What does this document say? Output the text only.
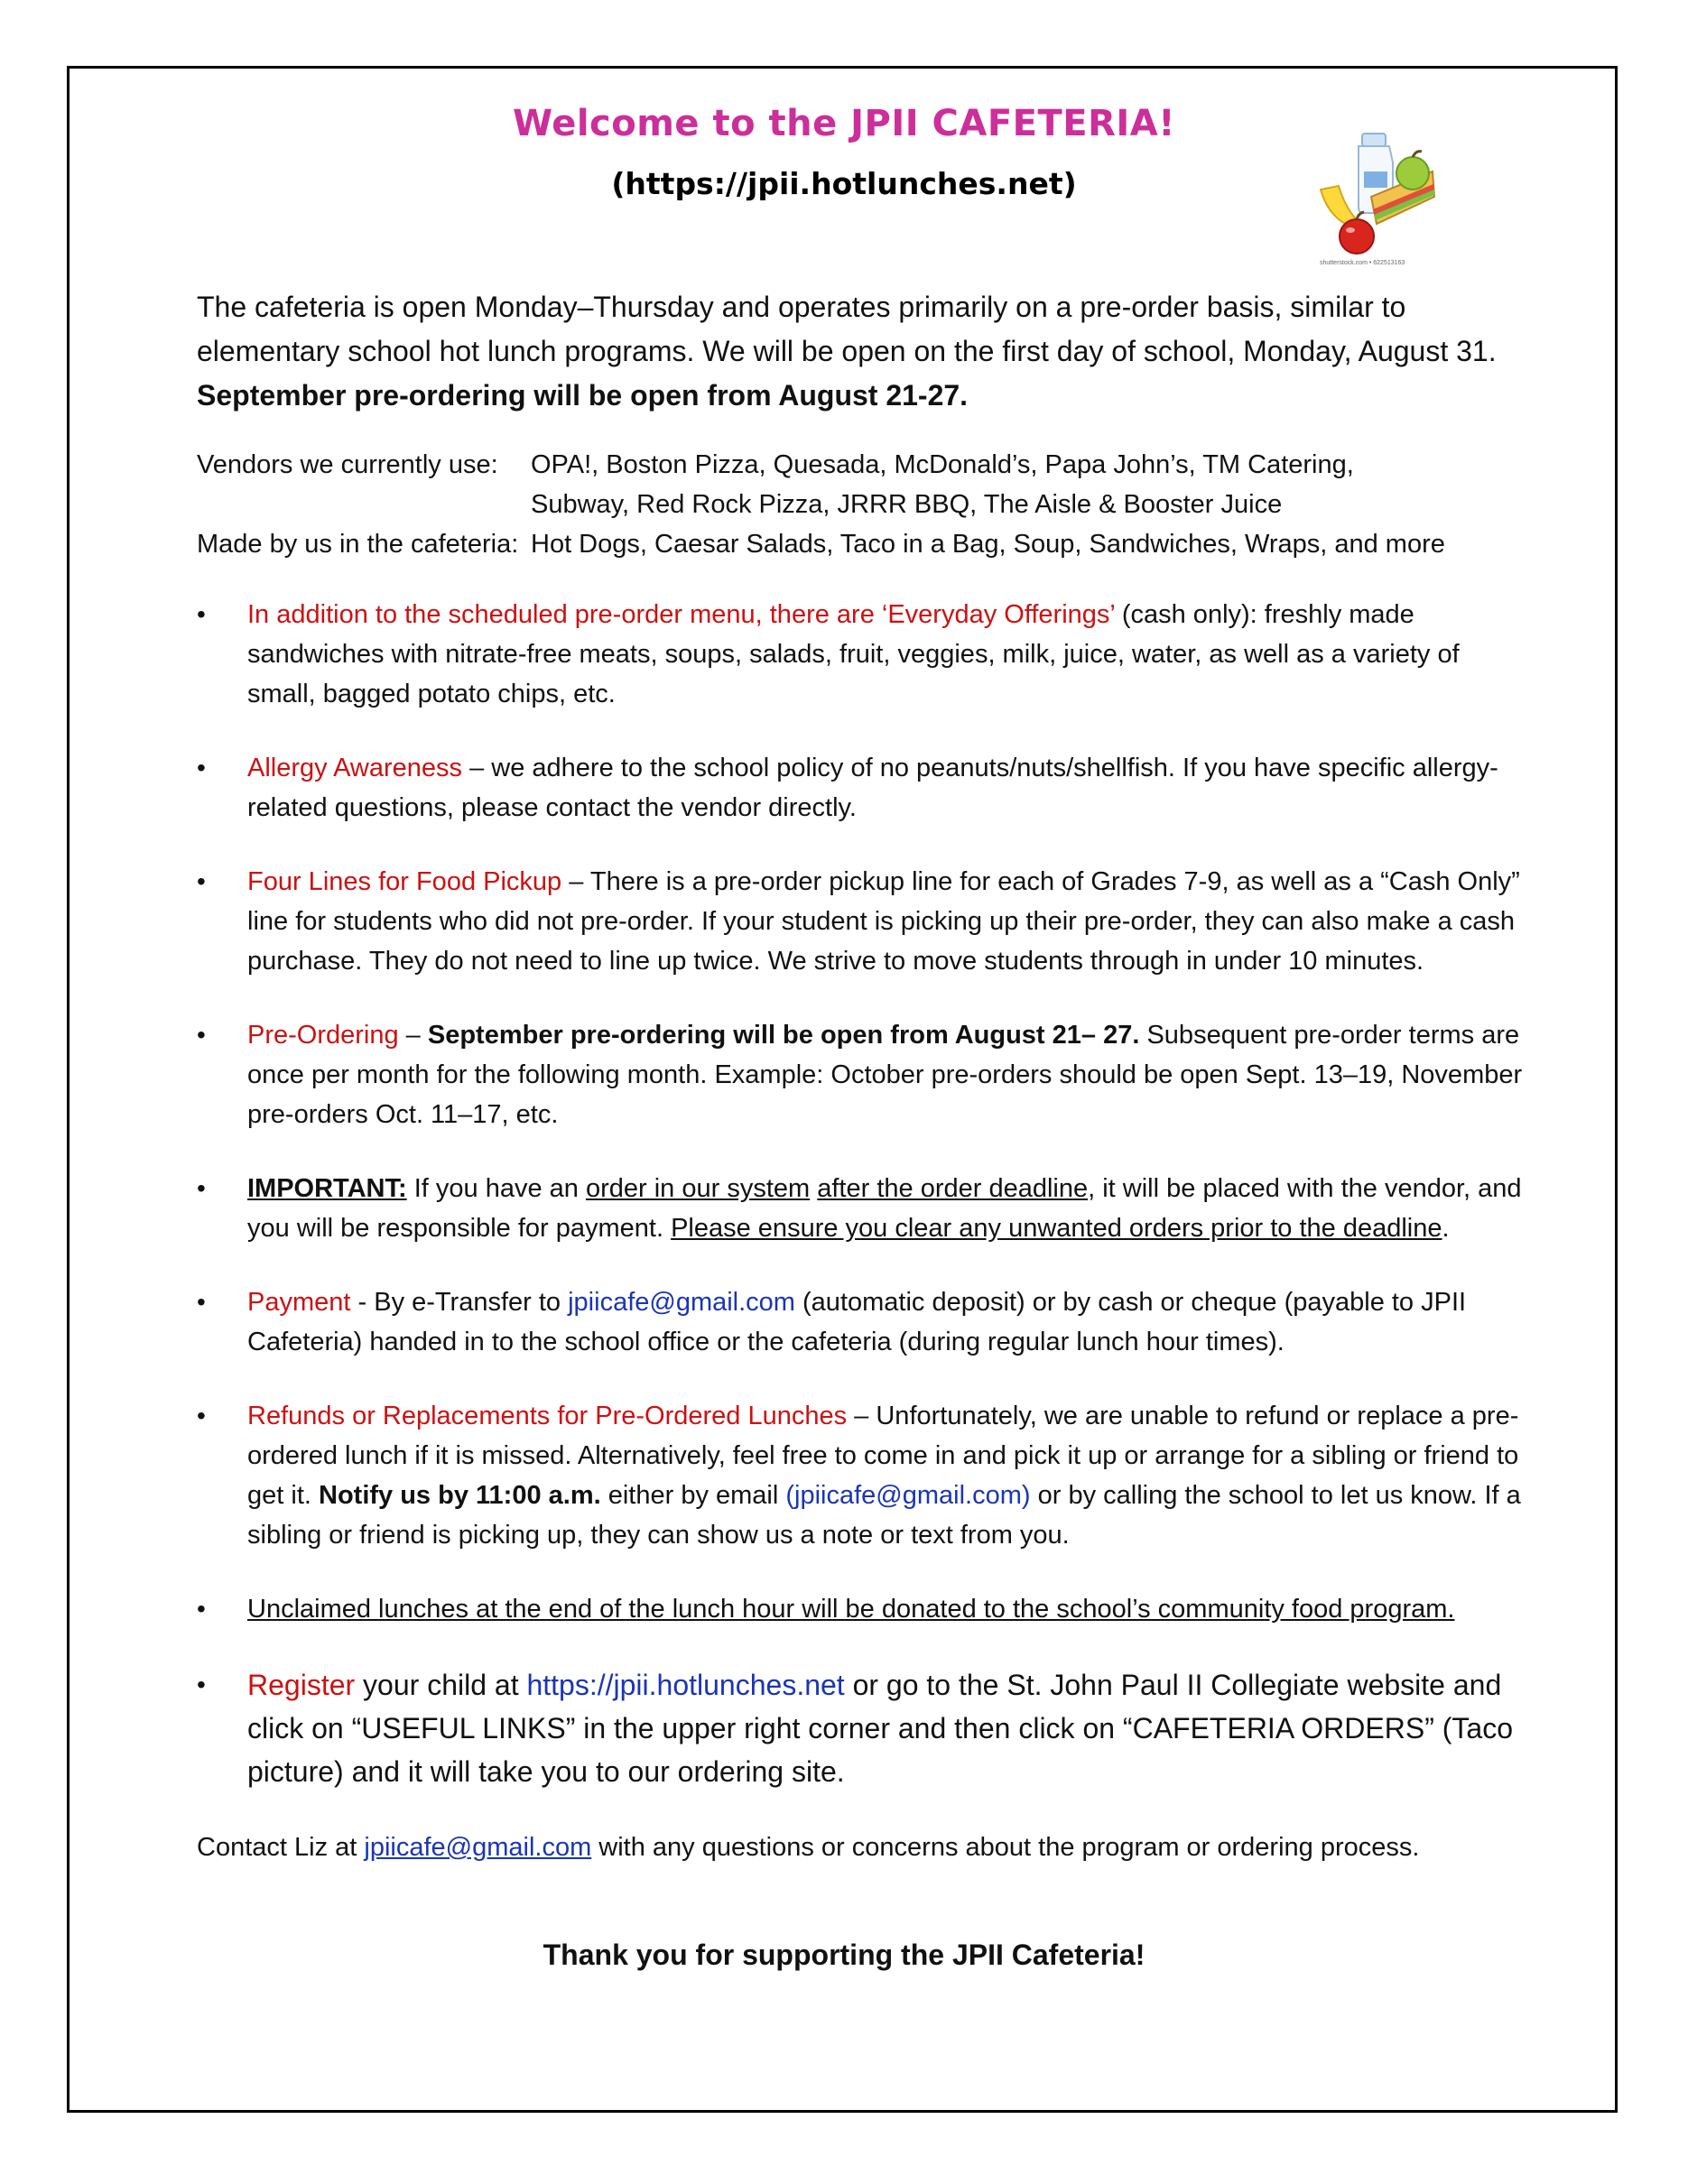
Welcome to the JPII CAFETERIA!
(https://jpii.hotlunches.net)
shutterstock.com • 622513163

The cafeteria is open Monday–Thursday and operates primarily on a pre-order basis, similar to elementary school hot lunch programs. We will be open on the first day of school, Monday, August 31. September pre-ordering will be open from August 21-27.

Vendors we currently use:	OPA!, Boston Pizza, Quesada, McDonald’s, Papa John’s, TM Catering,
	Subway, Red Rock Pizza, JRRR BBQ, The Aisle & Booster Juice
Made by us in the cafeteria:	Hot Dogs, Caesar Salads, Taco in a Bag, Soup, Sandwiches, Wraps, and more
• In addition to the scheduled pre-order menu, there are ‘Everyday Offerings’ (cash only): freshly made sandwiches with nitrate-free meats, soups, salads, fruit, veggies, milk, juice, water, as well as a variety of small, bagged potato chips, etc.
• Allergy Awareness – we adhere to the school policy of no peanuts/nuts/shellfish. If you have specific allergy-related questions, please contact the vendor directly.
• Four Lines for Food Pickup – There is a pre-order pickup line for each of Grades 7-9, as well as a “Cash Only” line for students who did not pre-order. If your student is picking up their pre-order, they can also make a cash purchase. They do not need to line up twice. We strive to move students through in under 10 minutes.
• Pre-Ordering – September pre-ordering will be open from August 21– 27. Subsequent pre-order terms are once per month for the following month. Example: October pre-orders should be open Sept. 13–19, November pre-orders Oct. 11–17, etc.
• IMPORTANT: If you have an order in our system after the order deadline, it will be placed with the vendor, and you will be responsible for payment. Please ensure you clear any unwanted orders prior to the deadline.
• Payment - By e-Transfer to jpiicafe@gmail.com (automatic deposit) or by cash or cheque (payable to JPII Cafeteria) handed in to the school office or the cafeteria (during regular lunch hour times).
• Refunds or Replacements for Pre-Ordered Lunches – Unfortunately, we are unable to refund or replace a pre-ordered lunch if it is missed. Alternatively, feel free to come in and pick it up or arrange for a sibling or friend to get it. Notify us by 11:00 a.m. either by email (jpiicafe@gmail.com) or by calling the school to let us know. If a sibling or friend is picking up, they can show us a note or text from you.
• Unclaimed lunches at the end of the lunch hour will be donated to the school’s community food program.
• Register your child at https://jpii.hotlunches.net or go to the St. John Paul II Collegiate website and click on “USEFUL LINKS” in the upper right corner and then click on “CAFETERIA ORDERS” (Taco picture) and it will take you to our ordering site.
Contact Liz at jpiicafe@gmail.com with any questions or concerns about the program or ordering process.
Thank you for supporting the JPII Cafeteria!
